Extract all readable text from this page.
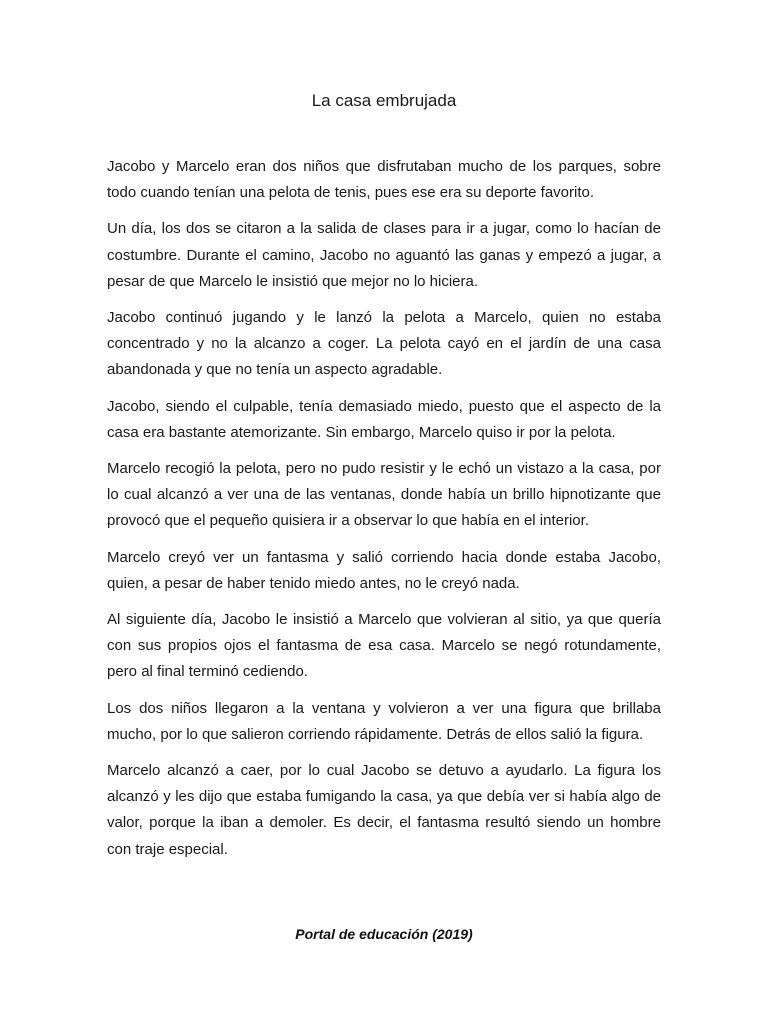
La casa embrujada

Jacobo y Marcelo eran dos niños que disfrutaban mucho de los parques, sobre todo cuando tenían una pelota de tenis, pues ese era su deporte favorito.

Un día, los dos se citaron a la salida de clases para ir a jugar, como lo hacían de costumbre. Durante el camino, Jacobo no aguantó las ganas y empezó a jugar, a pesar de que Marcelo le insistió que mejor no lo hiciera.

Jacobo continuó jugando y le lanzó la pelota a Marcelo, quien no estaba concentrado y no la alcanzo a coger. La pelota cayó en el jardín de una casa abandonada y que no tenía un aspecto agradable.

Jacobo, siendo el culpable, tenía demasiado miedo, puesto que el aspecto de la casa era bastante atemorizante. Sin embargo, Marcelo quiso ir por la pelota.

Marcelo recogió la pelota, pero no pudo resistir y le echó un vistazo a la casa, por lo cual alcanzó a ver una de las ventanas, donde había un brillo hipnotizante que provocó que el pequeño quisiera ir a observar lo que había en el interior.

Marcelo creyó ver un fantasma y salió corriendo hacia donde estaba Jacobo, quien, a pesar de haber tenido miedo antes, no le creyó nada.

Al siguiente día, Jacobo le insistió a Marcelo que volvieran al sitio, ya que quería con sus propios ojos el fantasma de esa casa. Marcelo se negó rotundamente, pero al final terminó cediendo.

Los dos niños llegaron a la ventana y volvieron a ver una figura que brillaba mucho, por lo que salieron corriendo rápidamente. Detrás de ellos salió la figura.

Marcelo alcanzó a caer, por lo cual Jacobo se detuvo a ayudarlo. La figura los alcanzó y les dijo que estaba fumigando la casa, ya que debía ver si había algo de valor, porque la iban a demoler. Es decir, el fantasma resultó siendo un hombre con traje especial.

Portal de educación (2019)
